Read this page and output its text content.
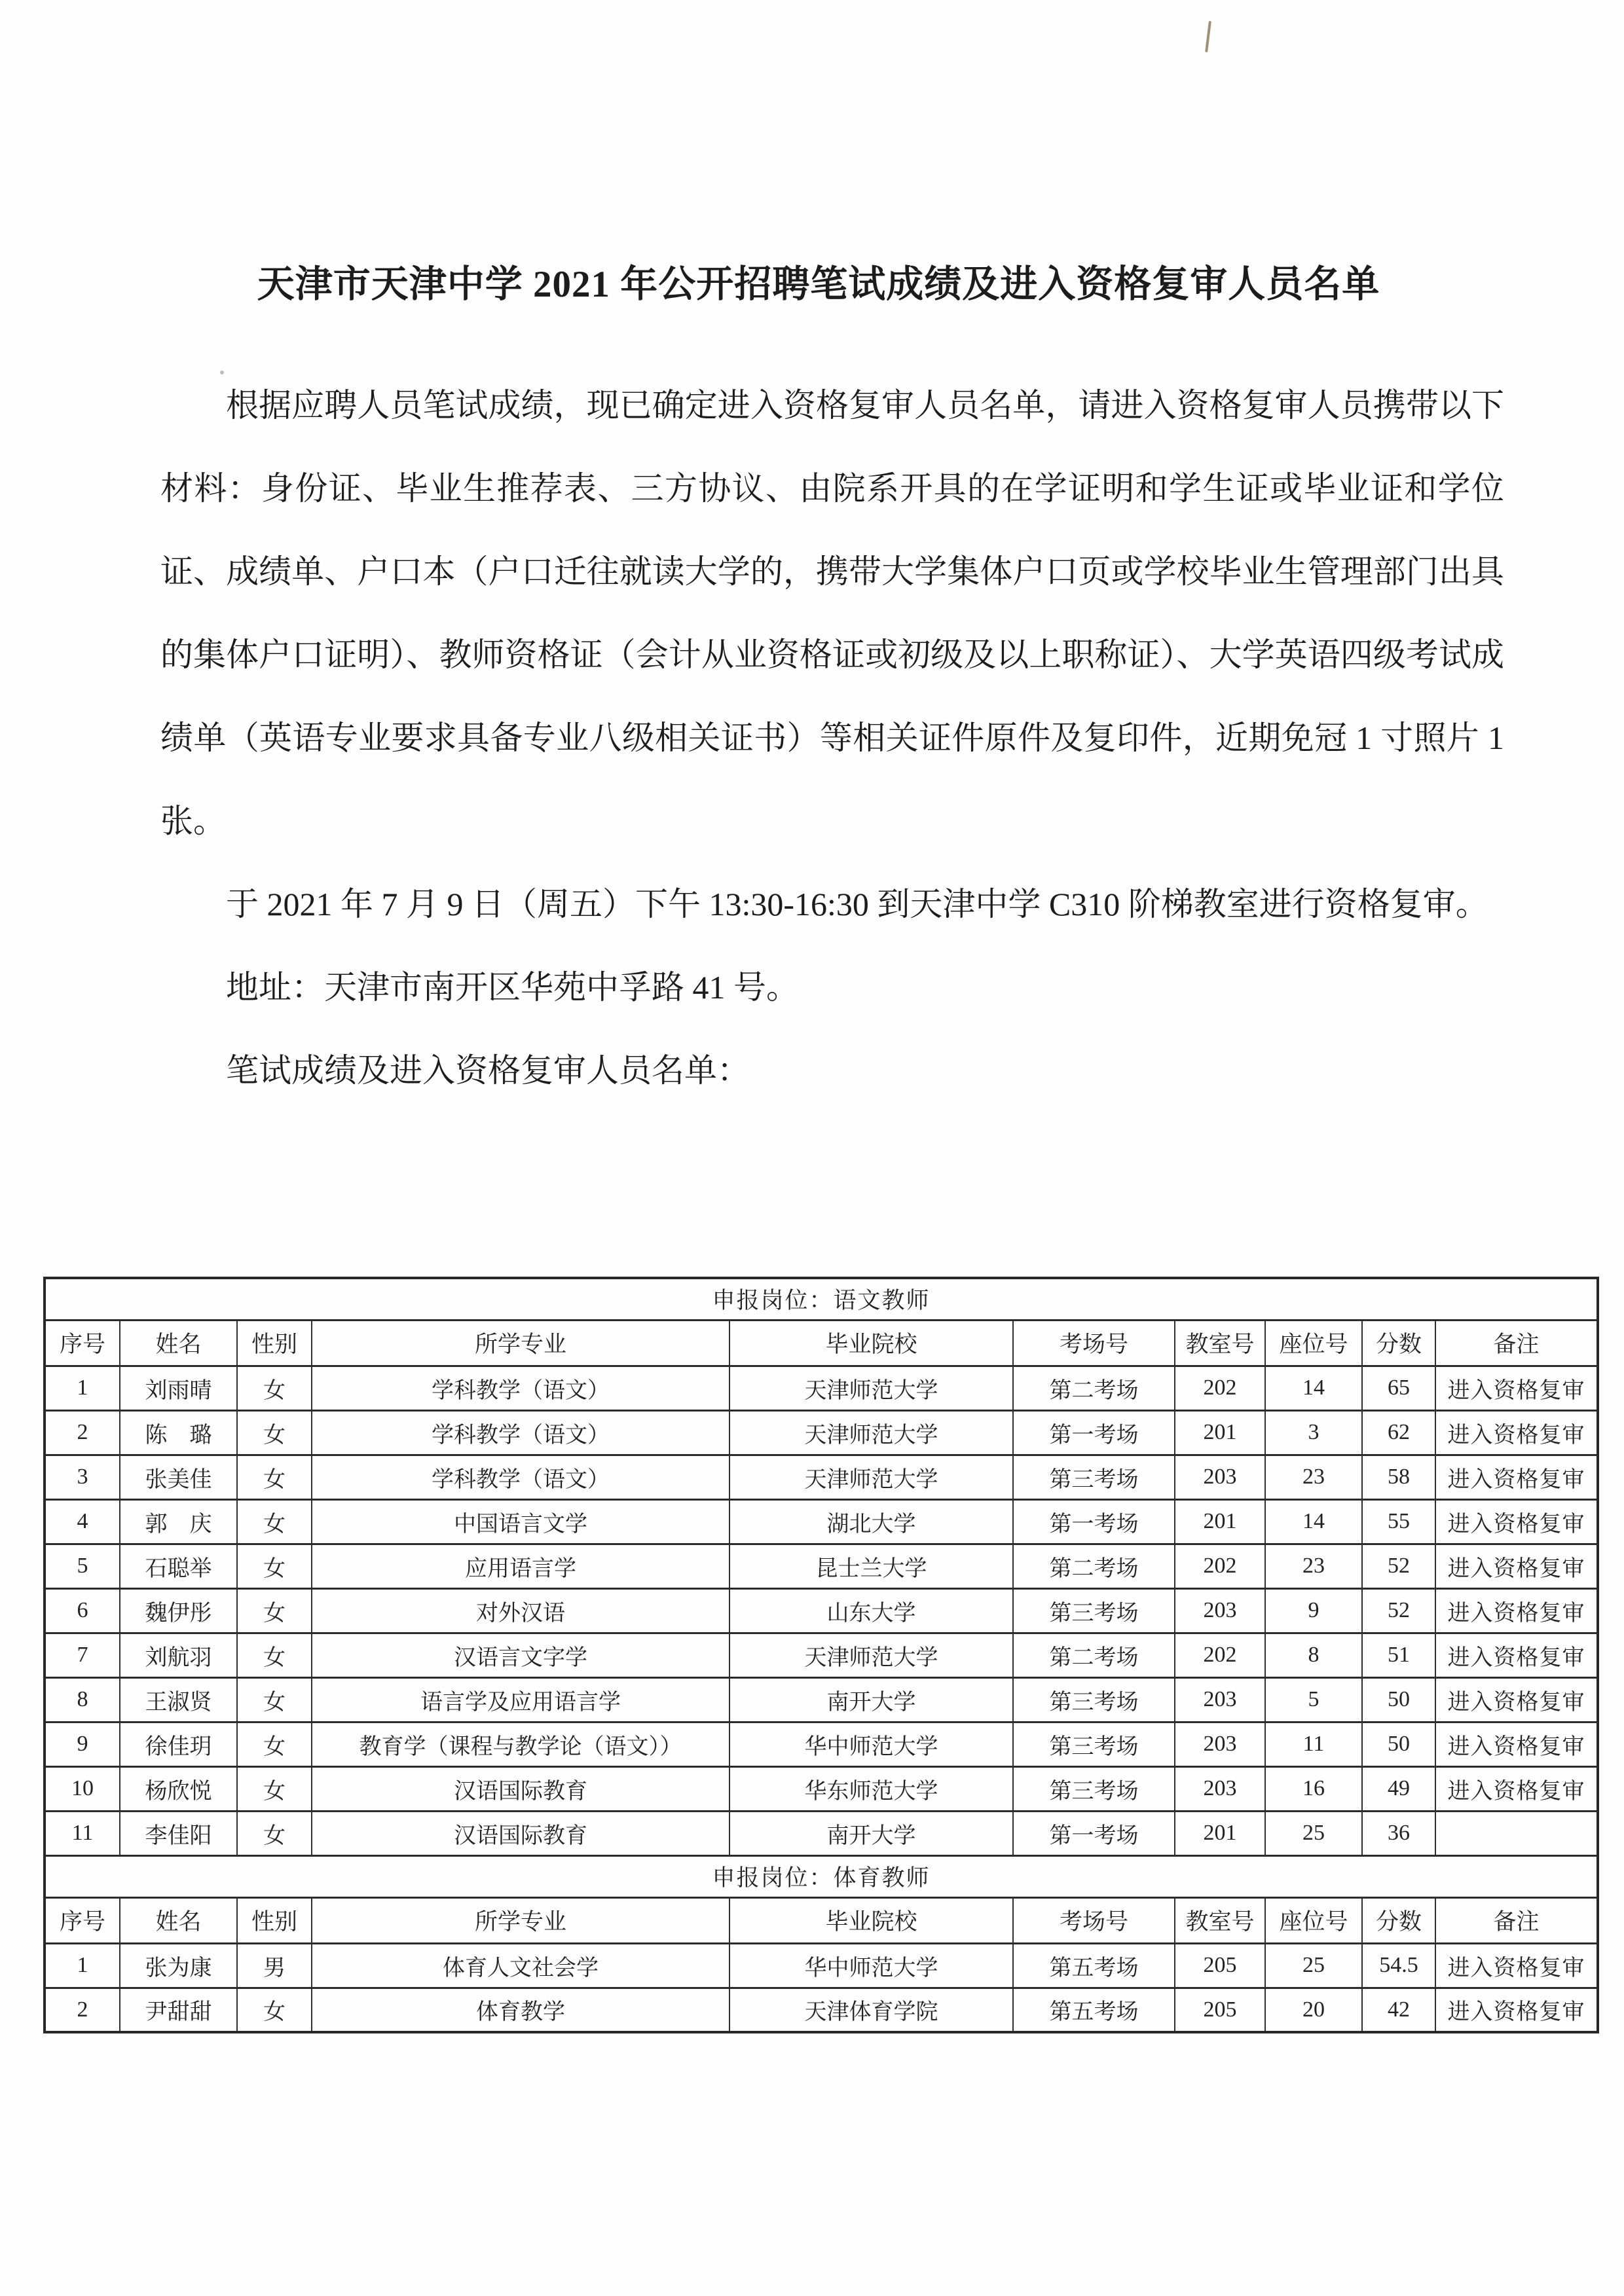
天津市天津中学 2021 年公开招聘笔试成绩及进入资格复审人员名单

根据应聘人员笔试成绩，现已确定进入资格复审人员名单，请进入资格复审人员携带以下材料：身份证、毕业生推荐表、三方协议、由院系开具的在学证明和学生证或毕业证和学位证、成绩单、户口本（户口迁往就读大学的，携带大学集体户口页或学校毕业生管理部门出具的集体户口证明）、教师资格证（会计从业资格证或初级及以上职称证）、大学英语四级考试成绩单（英语专业要求具备专业八级相关证书）等相关证件原件及复印件，近期免冠 1 寸照片 1 张。

于 2021 年 7 月 9 日（周五）下午 13:30-16:30 到天津中学 C310 阶梯教室进行资格复审。

地址：天津市南开区华苑中孚路 41 号。

笔试成绩及进入资格复审人员名单：

申报岗位：语文教师									
序号	姓名	性别	所学专业	毕业院校	考场号	教室号	座位号	分数	备注
1	刘雨晴	女	学科教学（语文）	天津师范大学	第二考场	202	14	65	进入资格复审
2	陈　璐	女	学科教学（语文）	天津师范大学	第一考场	201	3	62	进入资格复审
3	张美佳	女	学科教学（语文）	天津师范大学	第三考场	203	23	58	进入资格复审
4	郭　庆	女	中国语言文学	湖北大学	第一考场	201	14	55	进入资格复审
5	石聪举	女	应用语言学	昆士兰大学	第二考场	202	23	52	进入资格复审
6	魏伊彤	女	对外汉语	山东大学	第三考场	203	9	52	进入资格复审
7	刘航羽	女	汉语言文字学	天津师范大学	第二考场	202	8	51	进入资格复审
8	王淑贤	女	语言学及应用语言学	南开大学	第三考场	203	5	50	进入资格复审
9	徐佳玥	女	教育学（课程与教学论（语文））	华中师范大学	第三考场	203	11	50	进入资格复审
10	杨欣悦	女	汉语国际教育	华东师范大学	第三考场	203	16	49	进入资格复审
11	李佳阳	女	汉语国际教育	南开大学	第一考场	201	25	36	
申报岗位：体育教师									
序号	姓名	性别	所学专业	毕业院校	考场号	教室号	座位号	分数	备注
1	张为康	男	体育人文社会学	华中师范大学	第五考场	205	25	54.5	进入资格复审
2	尹甜甜	女	体育教学	天津体育学院	第五考场	205	20	42	进入资格复审
